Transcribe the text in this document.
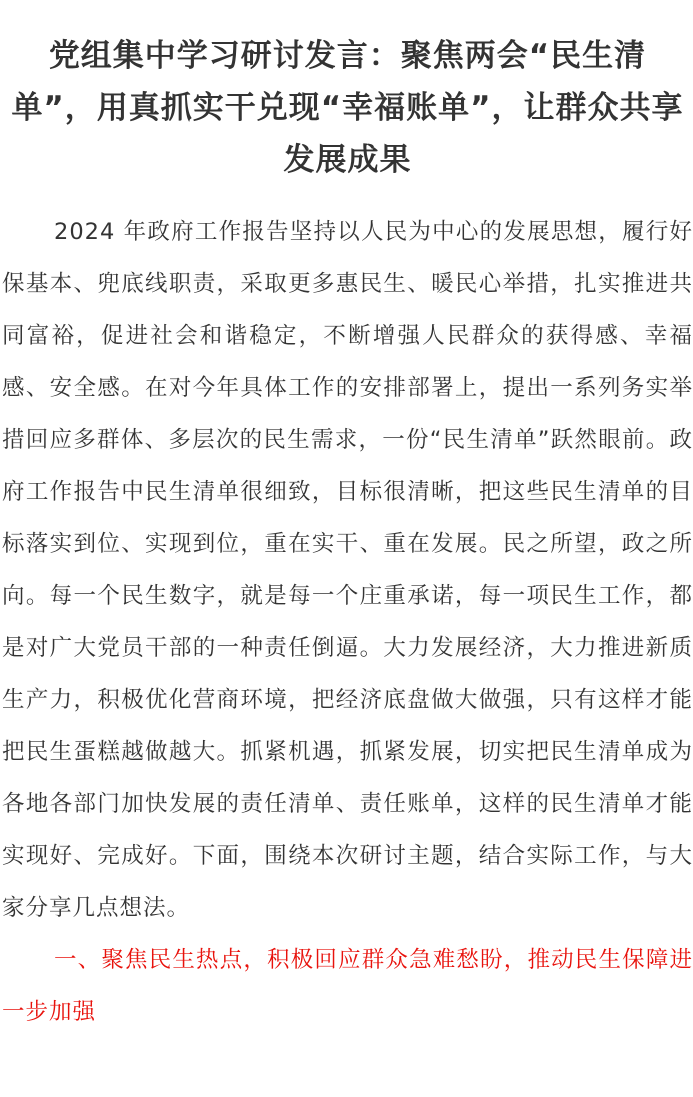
党组集中学习研讨发言：聚焦两会“民生清单”，用真抓实干兑现“幸福账单”，让群众共享发展成果

2024 年政府工作报告坚持以人民为中心的发展思想，履行好保基本、兜底线职责，采取更多惠民生、暖民心举措，扎实推进共同富裕，促进社会和谐稳定，不断增强人民群众的获得感、幸福感、安全感。在对今年具体工作的安排部署上，提出一系列务实举措回应多群体、多层次的民生需求，一份“民生清单”跃然眼前。政府工作报告中民生清单很细致，目标很清晰，把这些民生清单的目标落实到位、实现到位，重在实干、重在发展。民之所望，政之所向。每一个民生数字，就是每一个庄重承诺，每一项民生工作，都是对广大党员干部的一种责任倒逼。大力发展经济，大力推进新质生产力，积极优化营商环境，把经济底盘做大做强，只有这样才能把民生蛋糕越做越大。抓紧机遇，抓紧发展，切实把民生清单成为各地各部门加快发展的责任清单、责任账单，这样的民生清单才能实现好、完成好。下面，围绕本次研讨主题，结合实际工作，与大家分享几点想法。

一、聚焦民生热点，积极回应群众急难愁盼，推动民生保障进一步加强
